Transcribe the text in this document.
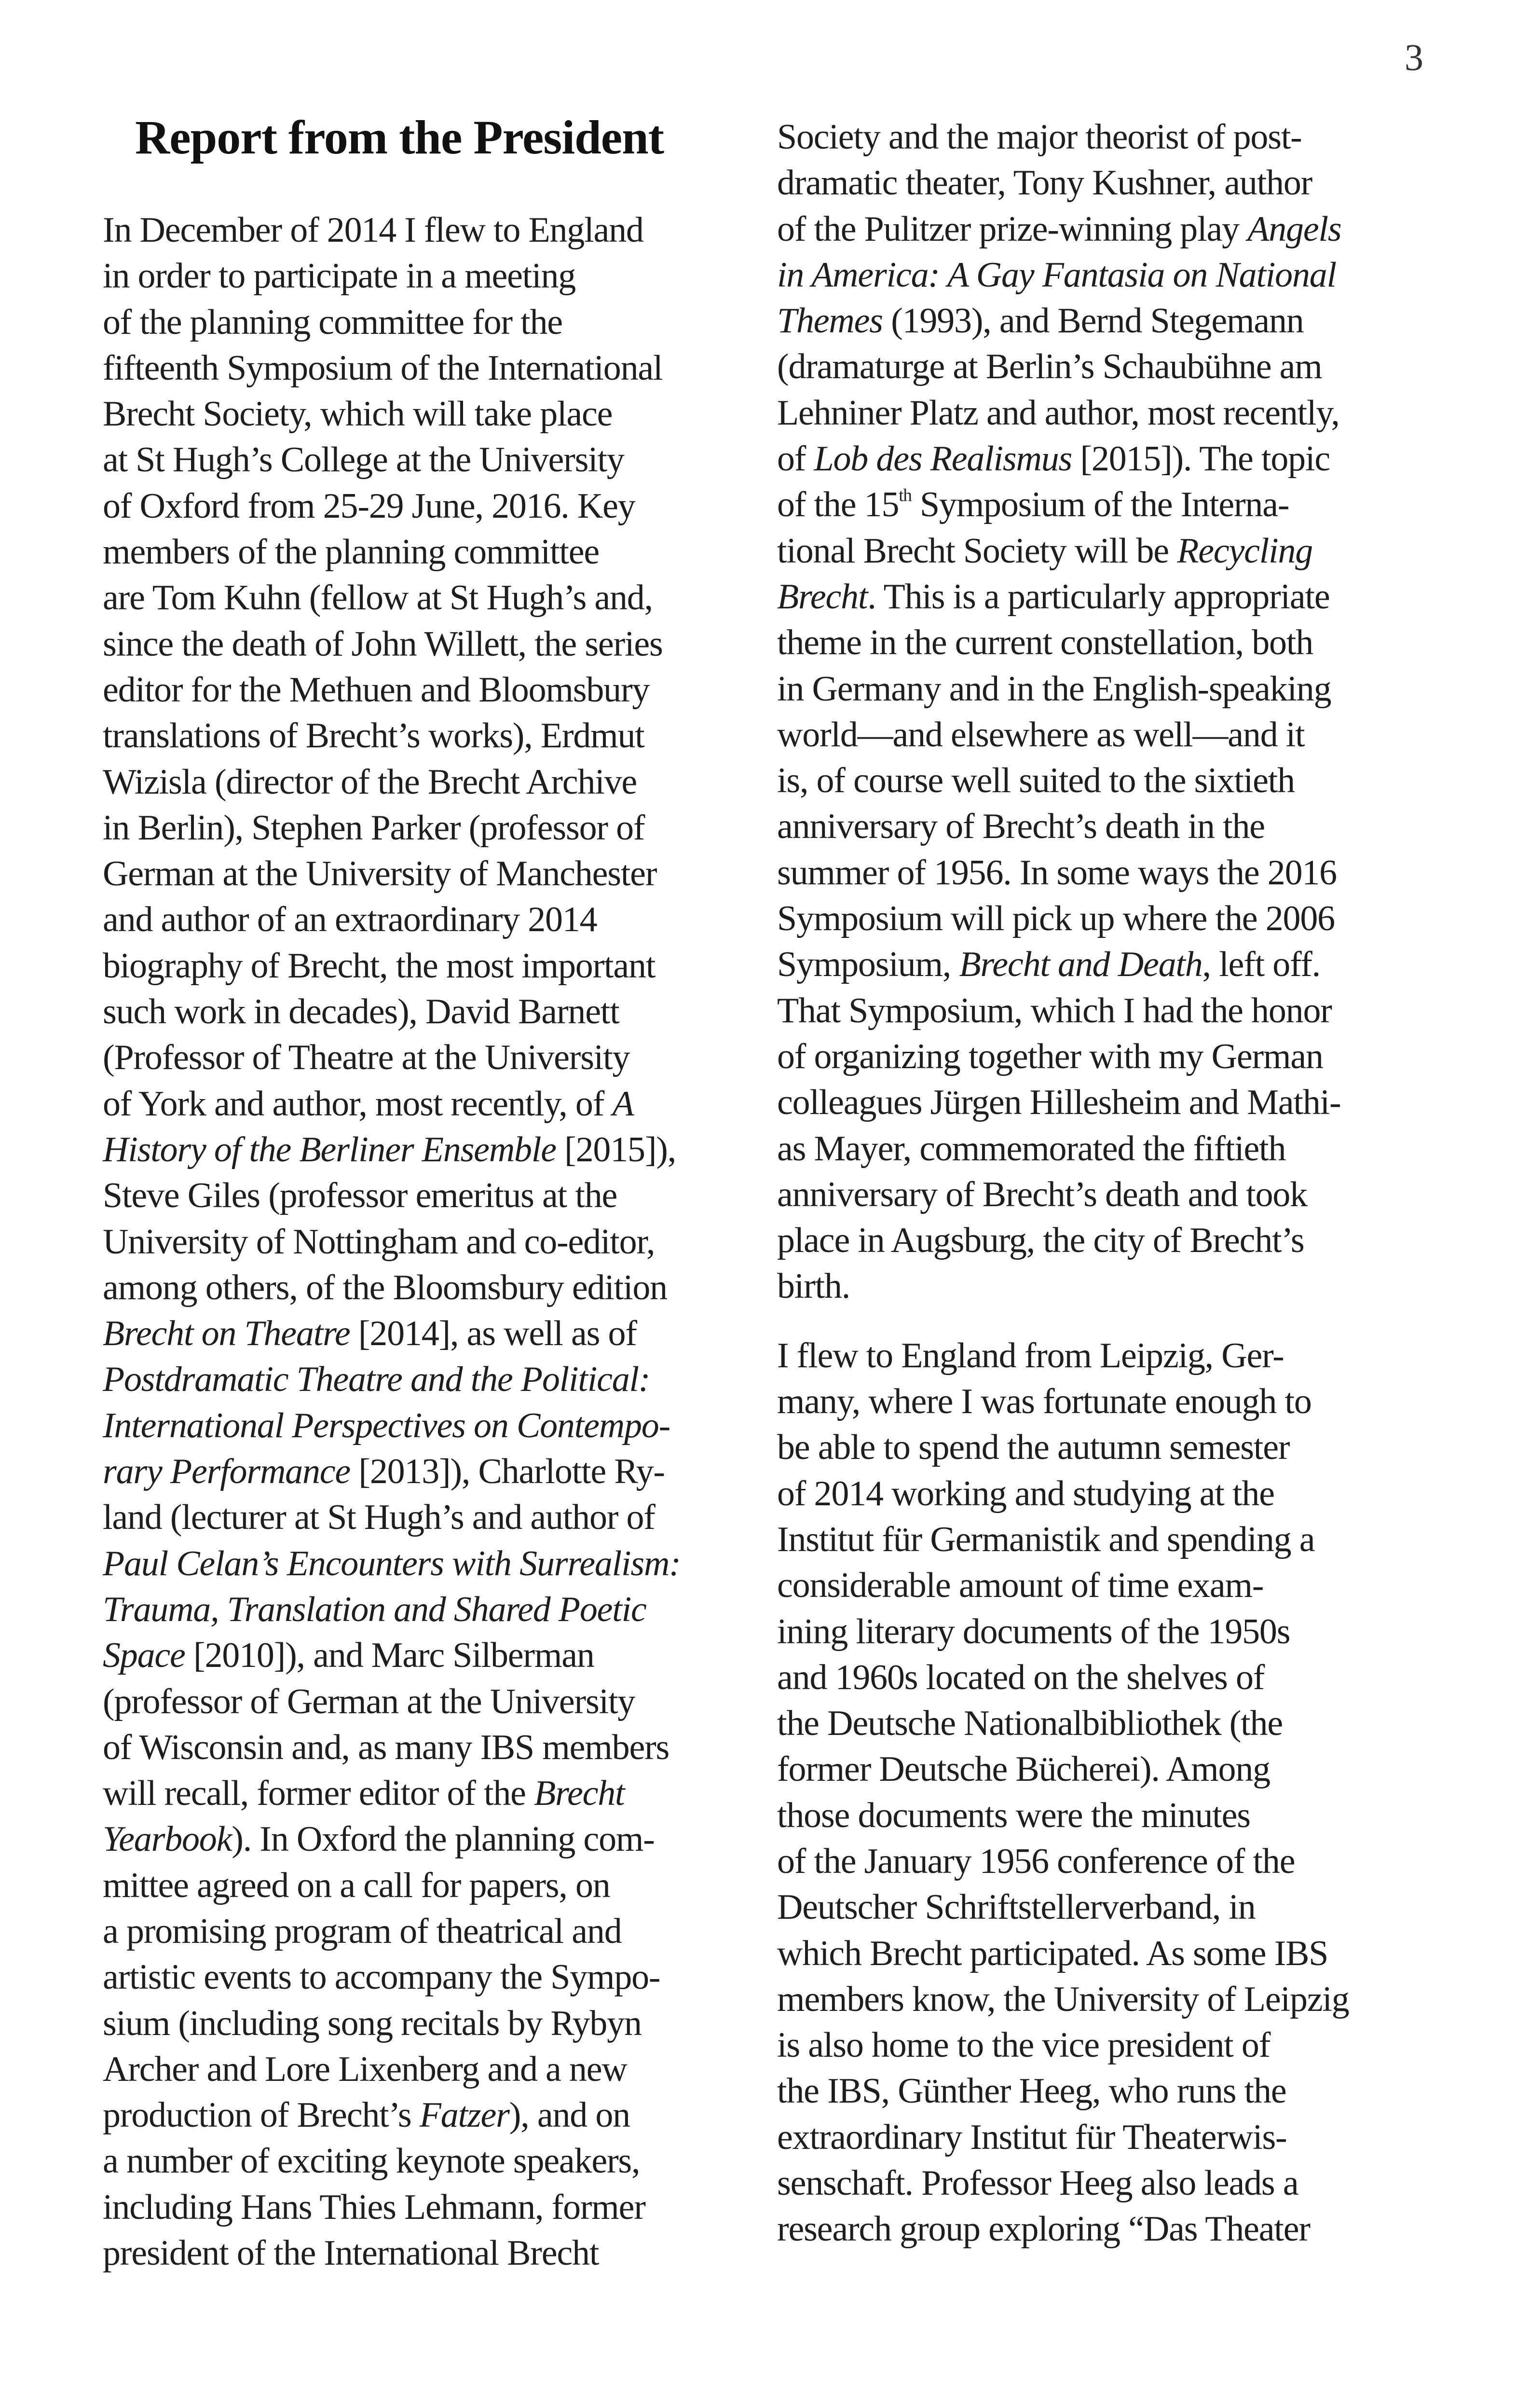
3
Report from the President
In December of 2014 I flew to England
in order to participate in a meeting
of the planning committee for the
fifteenth Symposium of the International
Brecht Society, which will take place
at St Hugh’s College at the University
of Oxford from 25-29 June, 2016. Key
members of the planning committee
are Tom Kuhn (fellow at St Hugh’s and,
since the death of John Willett, the series
editor for the Methuen and Bloomsbury
translations of Brecht’s works), Erdmut
Wizisla (director of the Brecht Archive
in Berlin), Stephen Parker (professor of
German at the University of Manchester
and author of an extraordinary 2014
biography of Brecht, the most important
such work in decades), David Barnett
(Professor of Theatre at the University
of York and author, most recently, of A
History of the Berliner Ensemble [2015]),
Steve Giles (professor emeritus at the
University of Nottingham and co-editor,
among others, of the Bloomsbury edition
Brecht on Theatre [2014], as well as of
Postdramatic Theatre and the Political:
International Perspectives on Contempo-
rary Performance [2013]), Charlotte Ry-
land (lecturer at St Hugh’s and author of
Paul Celan’s Encounters with Surrealism:
Trauma, Translation and Shared Poetic
Space [2010]), and Marc Silberman
(professor of German at the University
of Wisconsin and, as many IBS members
will recall, former editor of the Brecht
Yearbook). In Oxford the planning com-
mittee agreed on a call for papers, on
a promising program of theatrical and
artistic events to accompany the Sympo-
sium (including song recitals by Rybyn
Archer and Lore Lixenberg and a new
production of Brecht’s Fatzer), and on
a number of exciting keynote speakers,
including Hans Thies Lehmann, former
president of the International Brecht
Society and the major theorist of post-
dramatic theater, Tony Kushner, author
of the Pulitzer prize-winning play Angels
in America: A Gay Fantasia on National
Themes (1993), and Bernd Stegemann
(dramaturge at Berlin’s Schaubühne am
Lehniner Platz and author, most recently,
of Lob des Realismus [2015]). The topic
of the 15th Symposium of the Interna-
tional Brecht Society will be Recycling
Brecht. This is a particularly appropriate
theme in the current constellation, both
in Germany and in the English-speaking
world—and elsewhere as well—and it
is, of course well suited to the sixtieth
anniversary of Brecht’s death in the
summer of 1956. In some ways the 2016
Symposium will pick up where the 2006
Symposium, Brecht and Death, left off.
That Symposium, which I had the honor
of organizing together with my German
colleagues Jürgen Hillesheim and Mathi-
as Mayer, commemorated the fiftieth
anniversary of Brecht’s death and took
place in Augsburg, the city of Brecht’s
birth.
I flew to England from Leipzig, Ger-
many, where I was fortunate enough to
be able to spend the autumn semester
of 2014 working and studying at the
Institut für Germanistik and spending a
considerable amount of time exam-
ining literary documents of the 1950s
and 1960s located on the shelves of
the Deutsche Nationalbibliothek (the
former Deutsche Bücherei). Among
those documents were the minutes
of the January 1956 conference of the
Deutscher Schriftstellerverband, in
which Brecht participated. As some IBS
members know, the University of Leipzig
is also home to the vice president of
the IBS, Günther Heeg, who runs the
extraordinary Institut für Theaterwis-
senschaft. Professor Heeg also leads a
research group exploring “Das Theater
